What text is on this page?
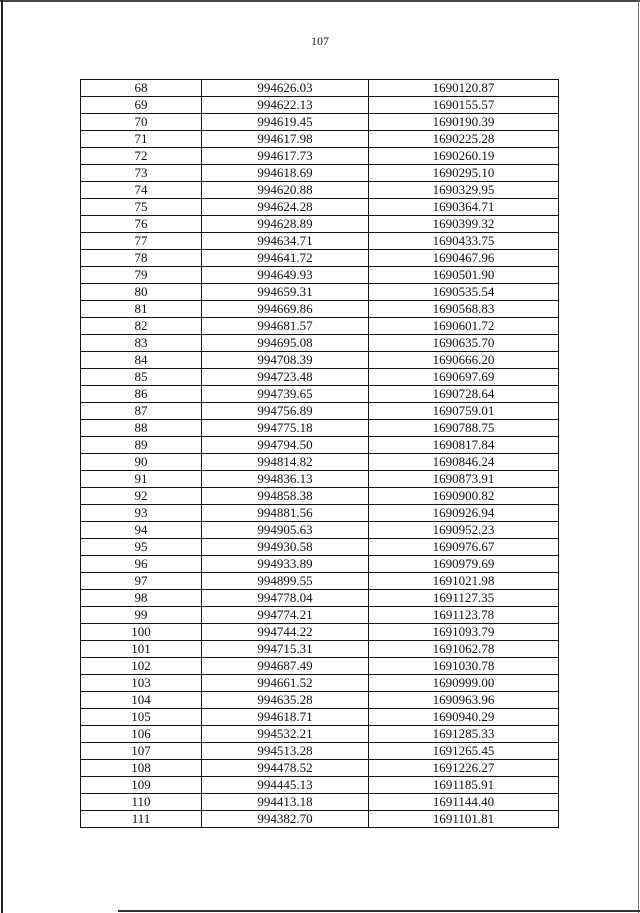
107
68	994626.03	1690120.87
69	994622.13	1690155.57
70	994619.45	1690190.39
71	994617.98	1690225.28
72	994617.73	1690260.19
73	994618.69	1690295.10
74	994620.88	1690329.95
75	994624.28	1690364.71
76	994628.89	1690399.32
77	994634.71	1690433.75
78	994641.72	1690467.96
79	994649.93	1690501.90
80	994659.31	1690535.54
81	994669.86	1690568.83
82	994681.57	1690601.72
83	994695.08	1690635.70
84	994708.39	1690666.20
85	994723.48	1690697.69
86	994739.65	1690728.64
87	994756.89	1690759.01
88	994775.18	1690788.75
89	994794.50	1690817.84
90	994814.82	1690846.24
91	994836.13	1690873.91
92	994858.38	1690900.82
93	994881.56	1690926.94
94	994905.63	1690952.23
95	994930.58	1690976.67
96	994933.89	1690979.69
97	994899.55	1691021.98
98	994778.04	1691127.35
99	994774.21	1691123.78
100	994744.22	1691093.79
101	994715.31	1691062.78
102	994687.49	1691030.78
103	994661.52	1690999.00
104	994635.28	1690963.96
105	994618.71	1690940.29
106	994532.21	1691285.33
107	994513.28	1691265.45
108	994478.52	1691226.27
109	994445.13	1691185.91
110	994413.18	1691144.40
111	994382.70	1691101.81
